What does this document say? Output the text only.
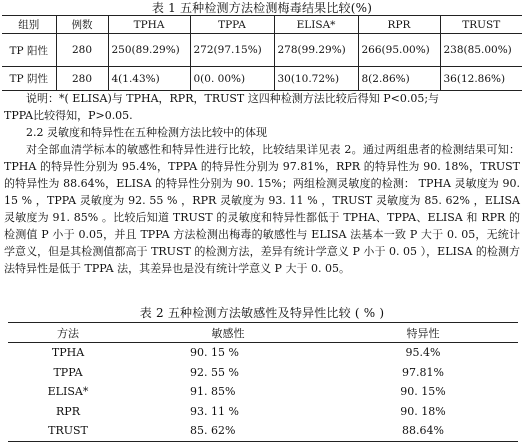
表 1 五种检测方法检测梅毒结果比较(%)
组别	例数	TPHA	TPPA	ELISA*	RPR	TRUST
TP 阳性	280	250(89.29%)	272(97.15%)	278(99.29%)	266(95.00%)	238(85.00%)
TP 阴性	280	4(1.43%)	0(0. 00%)	30(10.72%)	8(2.86%)	36(12.86%)

说明：*( ELISA)与 TPHA，RPR，TRUST 这四种检测方法比较后得知 P<0.05;与

TPPA比较得知，P>0.05.

2.2 灵敏度和特异性在五种检测方法比较中的体现

对全部血清学标本的敏感性和特异性进行比较，比较结果详见表 2。通过两组患者的检测结果可知：TPHA 的特异性分别为 95.4%，TPPA 的特异性分别为 97.81%，RPR 的特异性为 90. 18%，TRUST 的特异性为 88.64%，ELISA 的特异性分别为 90. 15%；两组检测灵敏度的检测： TPHA 灵敏度为 90. 15 % ，TPPA 灵敏度为 92. 55 % ，RPR 灵敏度为 93. 11 % ，TRUST 灵敏度为 85. 62% ，ELISA 灵敏度为 91. 85% 。比较后知道 TRUST 的灵敏度和特异性都低于 TPHA、TPPA、ELISA 和 RPR 的检测值 P 小于 0.05，并且 TPPA 方法检测出梅毒的敏感性与 ELISA 法基本一致 P 大于 0. 05，无统计学意义，但是其检测值都高于 TRUST 的检测方法，差异有统计学意义 P 小于 0. 05 ），ELISA 的检测方法特异性是低于 TPPA 法，其差异也是没有统计学意义 P 大于 0. 05。

表 2 五种检测方法敏感性及特异性比较 ( % )
方法	敏感性	特异性
TPHA	90. 15 %	95.4%
TPPA	92. 55 %	97.81%
ELISA*	91. 85%	90. 15%
RPR	93. 11 %	90. 18%
TRUST	85. 62%	88.64%
